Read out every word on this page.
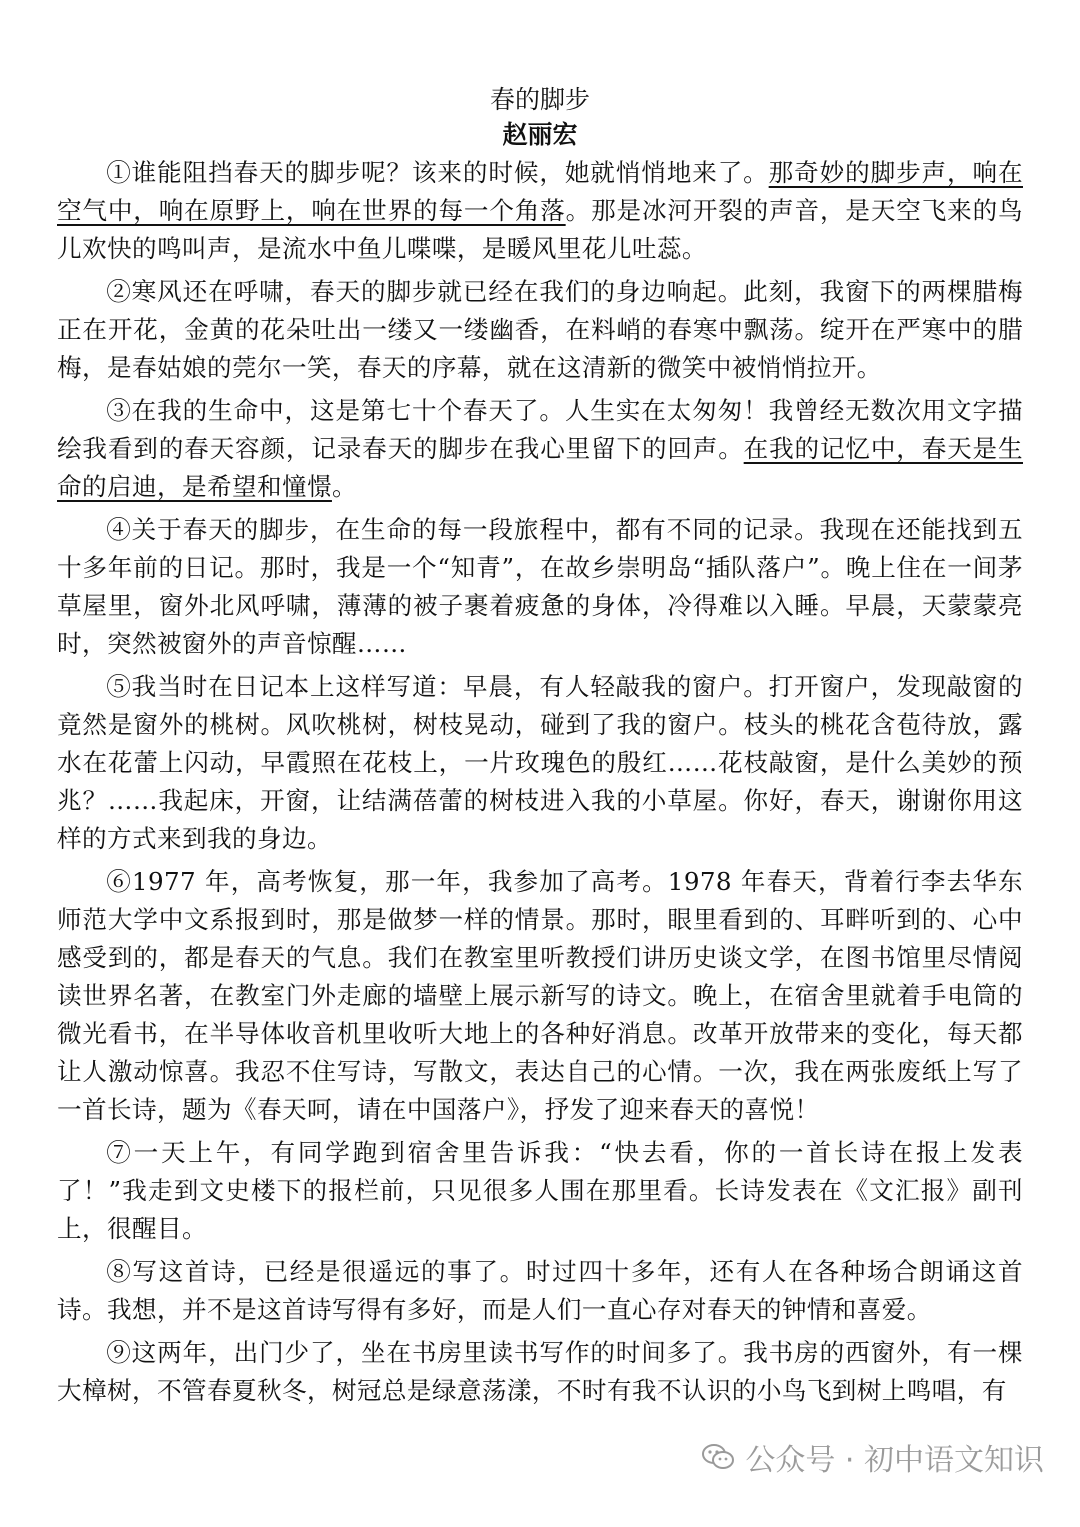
春的脚步

赵丽宏

①谁能阻挡春天的脚步呢？该来的时候，她就悄悄地来了。那奇妙的脚步声，响在空气中，响在原野上，响在世界的每一个角落。那是冰河开裂的声音，是天空飞来的鸟儿欢快的鸣叫声，是流水中鱼儿喋喋，是暖风里花儿吐蕊。

②寒风还在呼啸，春天的脚步就已经在我们的身边响起。此刻，我窗下的两棵腊梅正在开花，金黄的花朵吐出一缕又一缕幽香，在料峭的春寒中飘荡。绽开在严寒中的腊梅，是春姑娘的莞尔一笑，春天的序幕，就在这清新的微笑中被悄悄拉开。

③在我的生命中，这是第七十个春天了。人生实在太匆匆！我曾经无数次用文字描绘我看到的春天容颜，记录春天的脚步在我心里留下的回声。在我的记忆中，春天是生命的启迪，是希望和憧憬。

④关于春天的脚步，在生命的每一段旅程中，都有不同的记录。我现在还能找到五十多年前的日记。那时，我是一个“知青”，在故乡崇明岛“插队落户”。晚上住在一间茅草屋里，窗外北风呼啸，薄薄的被子裹着疲惫的身体，冷得难以入睡。早晨，天蒙蒙亮时，突然被窗外的声音惊醒……

⑤我当时在日记本上这样写道：早晨，有人轻敲我的窗户。打开窗户，发现敲窗的竟然是窗外的桃树。风吹桃树，树枝晃动，碰到了我的窗户。枝头的桃花含苞待放，露水在花蕾上闪动，早霞照在花枝上，一片玫瑰色的殷红……花枝敲窗，是什么美妙的预兆？……我起床，开窗，让结满蓓蕾的树枝进入我的小草屋。你好，春天，谢谢你用这样的方式来到我的身边。

⑥1977 年，高考恢复，那一年，我参加了高考。1978 年春天，背着行李去华东师范大学中文系报到时，那是做梦一样的情景。那时，眼里看到的、耳畔听到的、心中感受到的，都是春天的气息。我们在教室里听教授们讲历史谈文学，在图书馆里尽情阅读世界名著，在教室门外走廊的墙壁上展示新写的诗文。晚上，在宿舍里就着手电筒的微光看书，在半导体收音机里收听大地上的各种好消息。改革开放带来的变化，每天都让人激动惊喜。我忍不住写诗，写散文，表达自己的心情。一次，我在两张废纸上写了一首长诗，题为《春天呵，请在中国落户》，抒发了迎来春天的喜悦！

⑦一天上午，有同学跑到宿舍里告诉我：“快去看，你的一首长诗在报上发表了！”我走到文史楼下的报栏前，只见很多人围在那里看。长诗发表在《文汇报》副刊上，很醒目。

⑧写这首诗，已经是很遥远的事了。时过四十多年，还有人在各种场合朗诵这首诗。我想，并不是这首诗写得有多好，而是人们一直心存对春天的钟情和喜爱。

⑨这两年，出门少了，坐在书房里读书写作的时间多了。我书房的西窗外，有一棵大樟树，不管春夏秋冬，树冠总是绿意荡漾，不时有我不认识的小鸟飞到树上鸣唱，有

公众号 · 初中语文知识
